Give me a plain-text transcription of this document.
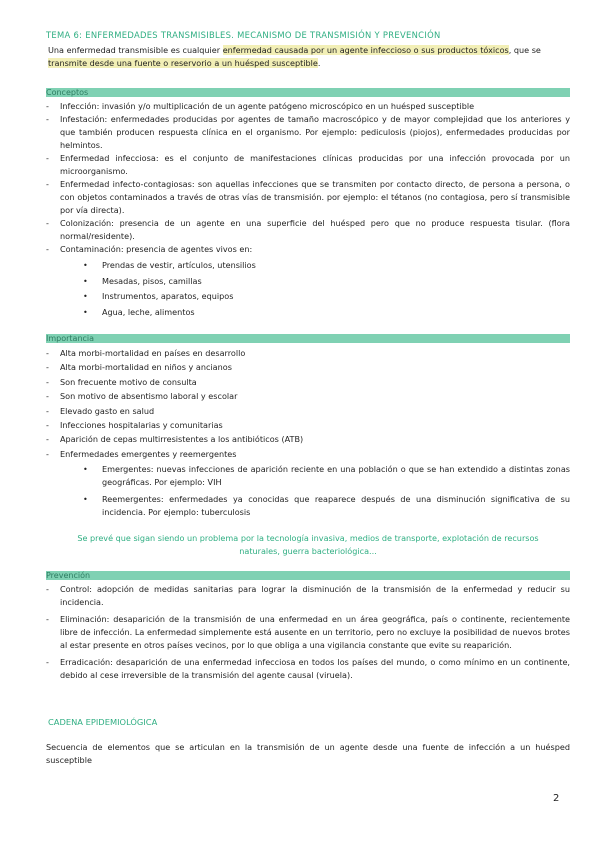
TEMA 6: ENFERMEDADES TRANSMISIBLES. MECANISMO DE TRANSMISIÓN Y PREVENCIÓN
Una enfermedad transmisible es cualquier enfermedad causada por un agente infeccioso o sus productos tóxicos, que se transmite desde una fuente o reservorio a un huésped susceptible.
Conceptos
- Infección: invasión y/o multiplicación de un agente patógeno microscópico en un huésped susceptible
- Infestación: enfermedades producidas por agentes de tamaño macroscópico y de mayor complejidad que los anteriores y que también producen respuesta clínica en el organismo. Por ejemplo: pediculosis (piojos), enfermedades producidas por helmintos.
- Enfermedad infecciosa: es el conjunto de manifestaciones clínicas producidas por una infección provocada por un microorganismo.
- Enfermedad infecto-contagiosas: son aquellas infecciones que se transmiten por contacto directo, de persona a persona, o con objetos contaminados a través de otras vías de transmisión. por ejemplo: el tétanos (no contagiosa, pero sí transmisible por vía directa).
- Colonización: presencia de un agente en una superficie del huésped pero que no produce respuesta tisular. (flora normal/residente).
- Contaminación: presencia de agentes vivos en:
• Prendas de vestir, artículos, utensilios
• Mesadas, pisos, camillas
• Instrumentos, aparatos, equipos
• Agua, leche, alimentos
Importancia
- Alta morbi-mortalidad en países en desarrollo
- Alta morbi-mortalidad en niños y ancianos
- Son frecuente motivo de consulta
- Son motivo de absentismo laboral y escolar
- Elevado gasto en salud
- Infecciones hospitalarias y comunitarias
- Aparición de cepas multirresistentes a los antibióticos (ATB)
- Enfermedades emergentes y reemergentes
• Emergentes: nuevas infecciones de aparición reciente en una población o que se han extendido a distintas zonas geográficas. Por ejemplo: VIH
• Reemergentes: enfermedades ya conocidas que reaparece después de una disminución significativa de su incidencia. Por ejemplo: tuberculosis
Se prevé que sigan siendo un problema por la tecnología invasiva, medios de transporte, explotación de recursos
naturales, guerra bacteriológica...
Prevención
- Control: adopción de medidas sanitarias para lograr la disminución de la transmisión de la enfermedad y reducir su incidencia.
- Eliminación: desaparición de la transmisión de una enfermedad en un área geográfica, país o continente, recientemente libre de infección. La enfermedad simplemente está ausente en un territorio, pero no excluye la posibilidad de nuevos brotes al estar presente en otros países vecinos, por lo que obliga a una vigilancia constante que evite su reaparición.
- Erradicación: desaparición de una enfermedad infecciosa en todos los países del mundo, o como mínimo en un continente, debido al cese irreversible de la transmisión del agente causal (viruela).
CADENA EPIDEMIOLÓGICA
Secuencia de elementos que se articulan en la transmisión de un agente desde una fuente de infección a un huésped susceptible
2
